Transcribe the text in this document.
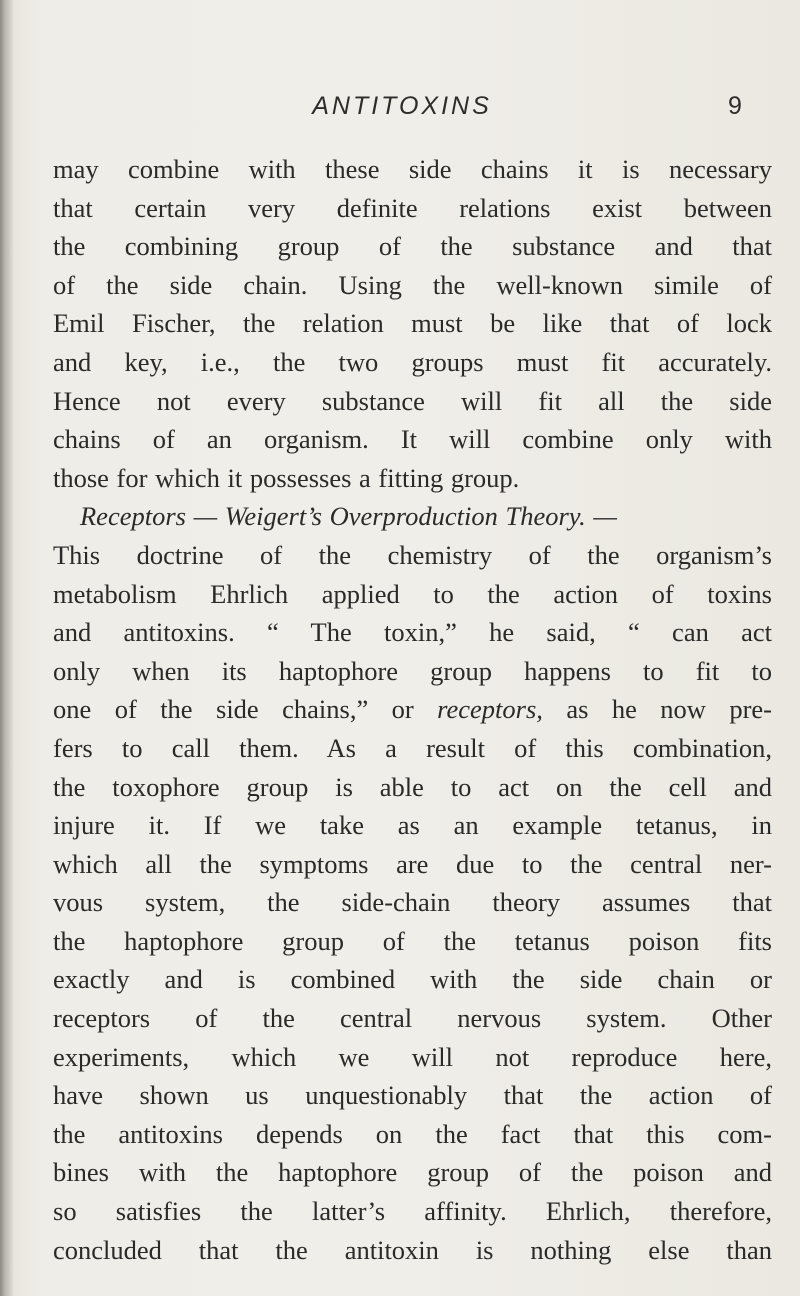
ANTITOXINS	9
may combine with these side chains it is necessary
that certain very definite relations exist between
the combining group of the substance and that
of the side chain. Using the well-known simile of
Emil Fischer, the relation must be like that of lock
and key, i.e., the two groups must fit accurately.
Hence not every substance will fit all the side
chains of an organism. It will combine only with
those for which it possesses a fitting group.
Receptors — Weigert’s Overproduction Theory. —
This doctrine of the chemistry of the organism’s
metabolism Ehrlich applied to the action of toxins
and antitoxins. “ The toxin,” he said, “ can act
only when its haptophore group happens to fit to
one of the side chains,” or receptors, as he now pre-
fers to call them. As a result of this combination,
the toxophore group is able to act on the cell and
injure it. If we take as an example tetanus, in
which all the symptoms are due to the central ner-
vous system, the side-chain theory assumes that
the haptophore group of the tetanus poison fits
exactly and is combined with the side chain or
receptors of the central nervous system. Other
experiments, which we will not reproduce here,
have shown us unquestionably that the action of
the antitoxins depends on the fact that this com-
bines with the haptophore group of the poison and
so satisfies the latter’s affinity. Ehrlich, therefore,
concluded that the antitoxin is nothing else than
